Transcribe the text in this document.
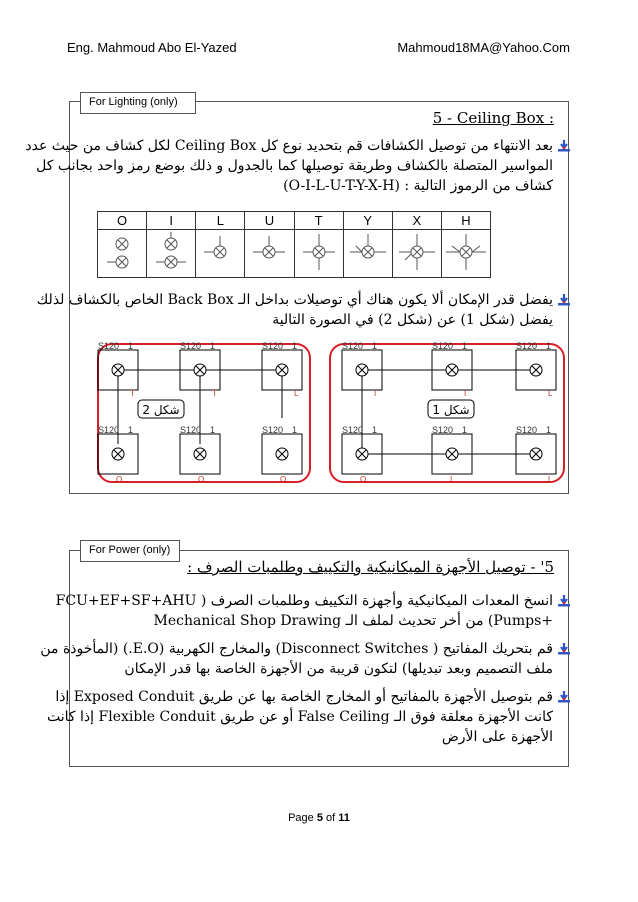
Eng. Mahmoud Abo El-Yazed	Mahmoud18MA@Yahoo.Com
For Lighting (only)
5 - Ceiling Box :
بعد الانتهاء من توصيل الكشافات قم بتحديد نوع كل Ceiling Box لكل كشاف من حيث عدد
المواسير المتصلة بالكشاف وطريقة توصيلها كما بالجدول و ذلك بوضع رمز واحد بجانب كل
كشاف من الرموز التالية : (O-I-L-U-T-Y-X-H)
O	I	L	U	T	Y	X	H

يفضل قدر الإمكان ألا يكون هناك أي توصيلات بداخل الـ Back Box الخاص بالكشاف لذلك
يفضل (شكل 1) عن (شكل 2) في الصورة التالية
S120 1
T
S120 1
T
S120 1
L
شكل 2
S120 1
O
S120 1
O
S120 1
O
S120 1
I
S120 1
I
S120 1
L
شكل 1
S120 1
O
S120 1
I
S120 1
L
For Power (only)
5' - توصيل الأجهزة الميكانيكية والتكييف وطلمبات الصرف :
انسخ المعدات الميكانيكية وأجهزة التكييف وطلمبات الصرف ( FCU+EF+SF+AHU
+Pumps) من أخر تحديث لملف الـ Mechanical Shop Drawing
قم بتحريك المفاتيح ( Disconnect Switches) والمخارج الكهربية (E.O.) (المأخوذة من
ملف التصميم وبعد تبديلها) لتكون قريبة من الأجهزة الخاصة بها قدر الإمكان
قم بتوصيل الأجهزة بالمفاتيح أو المخارج الخاصة بها عن طريق Exposed Conduit إذا
كانت الأجهزة معلقة فوق الـ False Ceiling أو عن طريق Flexible Conduit إذا كانت
الأجهزة على الأرض
Page 5 of 11
